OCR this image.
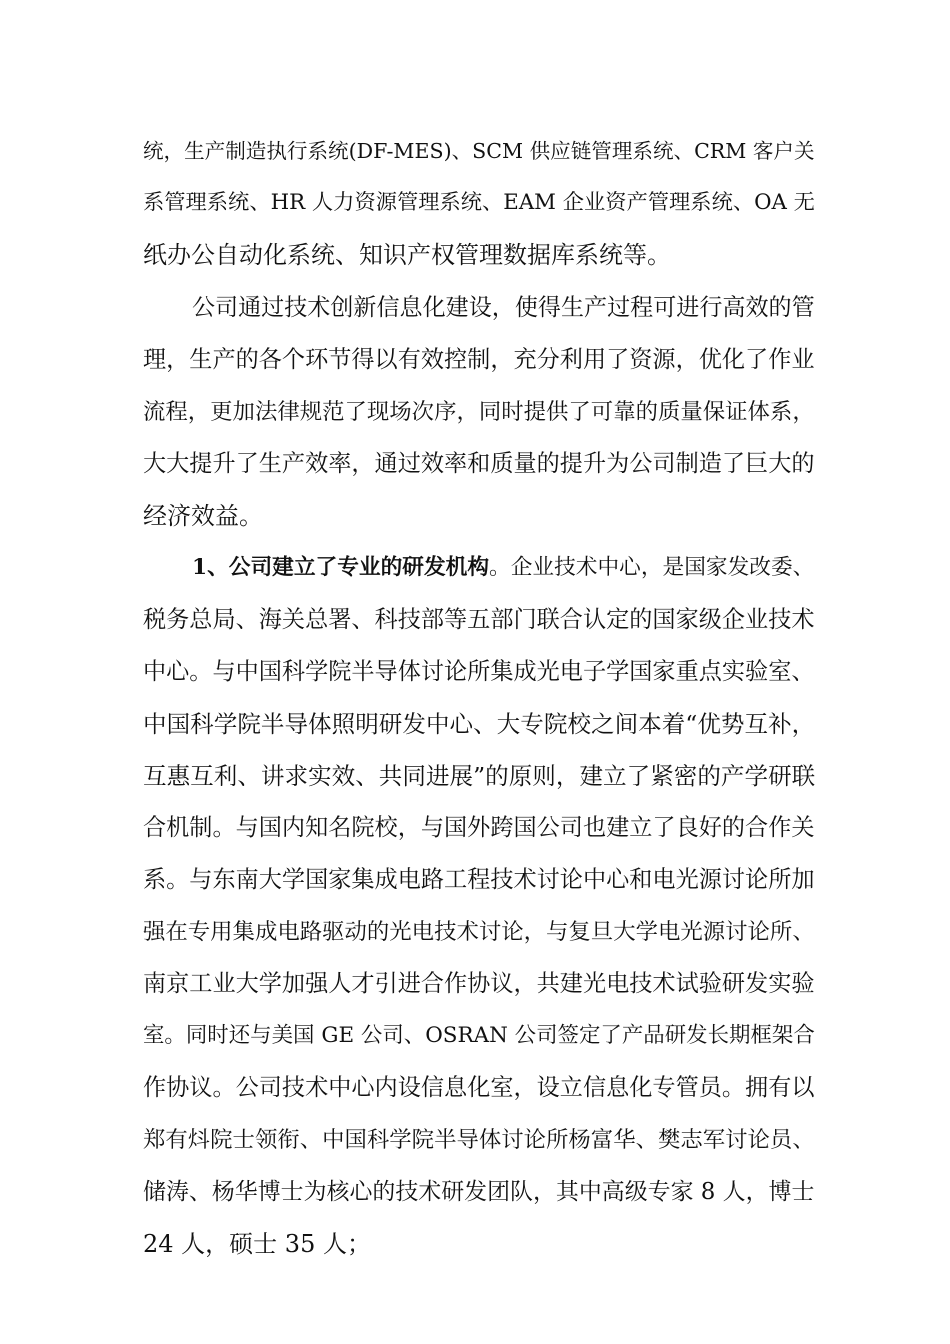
统，生产制造执行系统(DF-MES)、SCM 供应链管理系统、CRM 客户关
系管理系统、HR 人力资源管理系统、EAM 企业资产管理系统、OA 无
纸办公自动化系统、知识产权管理数据库系统等。
公司通过技术创新信息化建设，使得生产过程可进行高效的管
理，生产的各个环节得以有效控制，充分利用了资源，优化了作业
流程，更加法律规范了现场次序，同时提供了可靠的质量保证体系，
大大提升了生产效率，通过效率和质量的提升为公司制造了巨大的
经济效益。
1、公司建立了专业的研发机构。企业技术中心，是国家发改委、
税务总局、海关总署、科技部等五部门联合认定的国家级企业技术
中心。与中国科学院半导体讨论所集成光电子学国家重点实验室、
中国科学院半导体照明研发中心、大专院校之间本着“优势互补，
互惠互利、讲求实效、共同进展”的原则，建立了紧密的产学研联
合机制。与国内知名院校，与国外跨国公司也建立了良好的合作关
系。与东南大学国家集成电路工程技术讨论中心和电光源讨论所加
强在专用集成电路驱动的光电技术讨论，与复旦大学电光源讨论所、
南京工业大学加强人才引进合作协议，共建光电技术试验研发实验
室。同时还与美国 GE 公司、OSRAN 公司签定了产品研发长期框架合
作协议。公司技术中心内设信息化室，设立信息化专管员。拥有以
郑有炓院士领衔、中国科学院半导体讨论所杨富华、樊志军讨论员、
储涛、杨华博士为核心的技术研发团队，其中高级专家 8 人，博士
24 人，硕士 35 人；
